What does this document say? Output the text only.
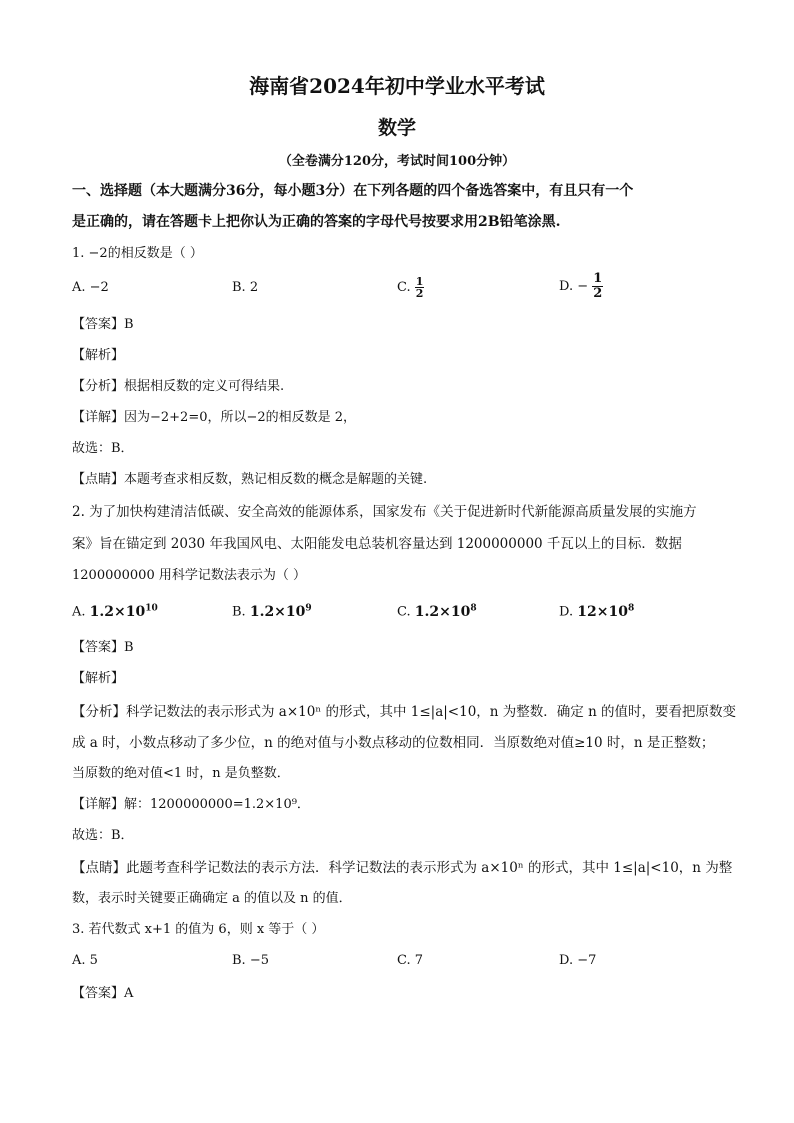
海南省2024年初中学业水平考试
数学
（全卷满分120分，考试时间100分钟）
一、选择题（本大题满分36分，每小题3分）在下列各题的四个备选答案中，有且只有一个
是正确的，请在答题卡上把你认为正确的答案的字母代号按要求用2B铅笔涂黑.
1. −2的相反数是（ ）
A. −2	B. 2	C. $\frac{1}{2}$	D. − $\frac{1}{2}$
【答案】B
【解析】
【分析】根据相反数的定义可得结果.
【详解】因为−2+2=0，所以−2的相反数是 2，
故选：B．
【点睛】本题考查求相反数，熟记相反数的概念是解题的关键.
2. 为了加快构建清洁低碳、安全高效的能源体系，国家发布《关于促进新时代新能源高质量发展的实施方
案》旨在锚定到 2030 年我国风电、太阳能发电总装机容量达到 1200000000 千瓦以上的目标．数据
1200000000 用科学记数法表示为（ ）
A. $1.2\times 10^{10}$	B. $1.2\times 10^9$	C. $1.2\times 10^8$	D. $12\times 10^8$
【答案】B
【解析】
【分析】科学记数法的表示形式为 a×10ⁿ 的形式，其中 1≤|a|<10，n 为整数．确定 n 的值时，要看把原数变
成 a 时，小数点移动了多少位，n 的绝对值与小数点移动的位数相同．当原数绝对值≥10 时，n 是正整数；
当原数的绝对值<1 时，n 是负整数．
【详解】解：1200000000=1.2×10⁹．
故选：B．
【点睛】此题考查科学记数法的表示方法．科学记数法的表示形式为 a×10ⁿ 的形式，其中 1≤|a|<10，n 为整
数，表示时关键要正确确定 a 的值以及 n 的值．
3. 若代数式 x+1 的值为 6，则 x 等于（ ）
A. 5	B. −5	C. 7	D. −7
【答案】A
